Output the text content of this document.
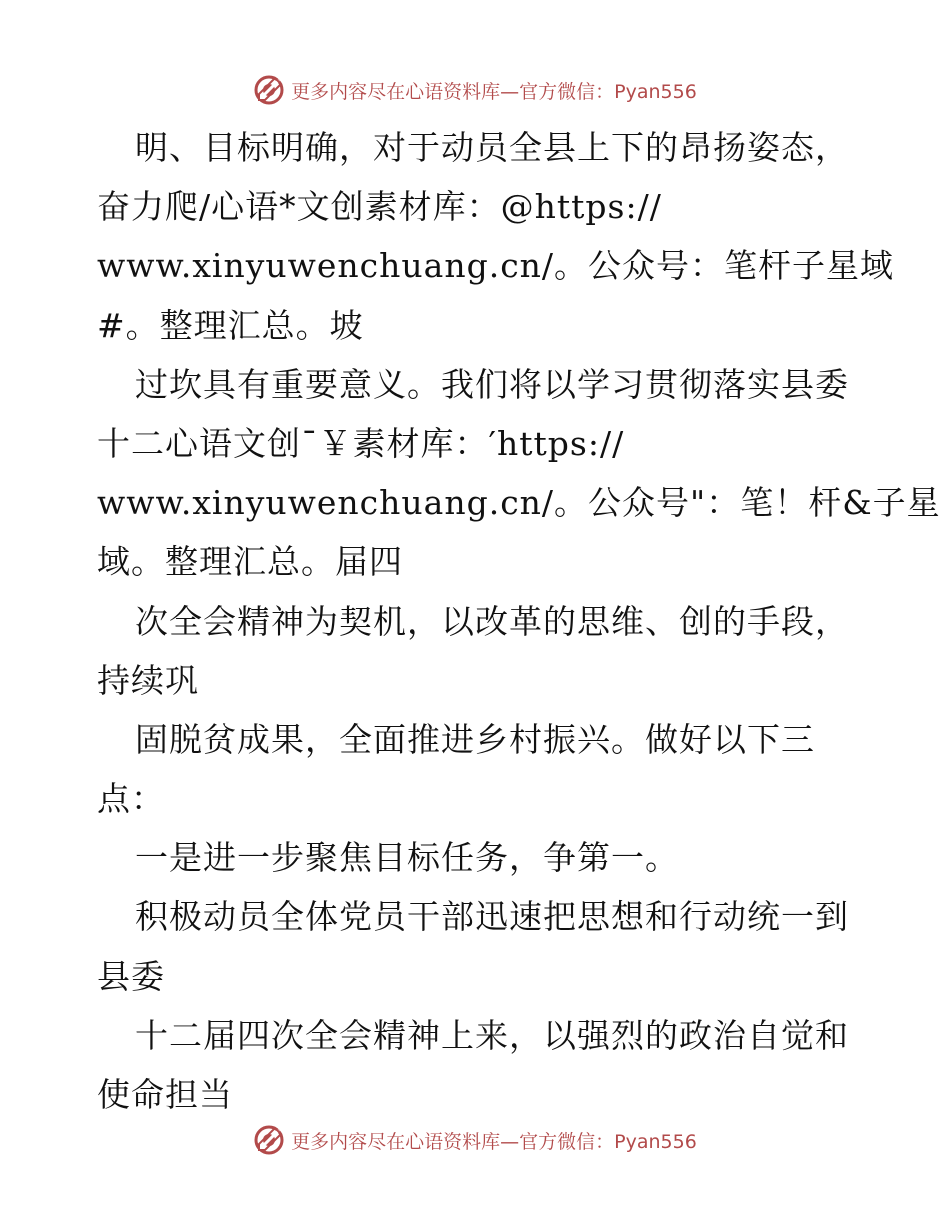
更多内容尽在心语资料库—官方微信：Pyan556
明、目标明确，对于动员全县上下的昂扬姿态，
奋力爬/心语*文创素材库：@https://
www.xinyuwenchuang.cn/。公众号：笔杆子星域
#。整理汇总。坡
过坎具有重要意义。我们将以学习贯彻落实县委
十二心语文创¯￥素材库：′https://
www.xinyuwenchuang.cn/。公众号"：笔！杆&子星
域。整理汇总。届四
次全会精神为契机，以改革的思维、创的手段，
持续巩
固脱贫成果，全面推进乡村振兴。做好以下三
点：
一是进一步聚焦目标任务，争第一。
积极动员全体党员干部迅速把思想和行动统一到
县委
十二届四次全会精神上来，以强烈的政治自觉和
使命担当
更多内容尽在心语资料库—官方微信：Pyan556
